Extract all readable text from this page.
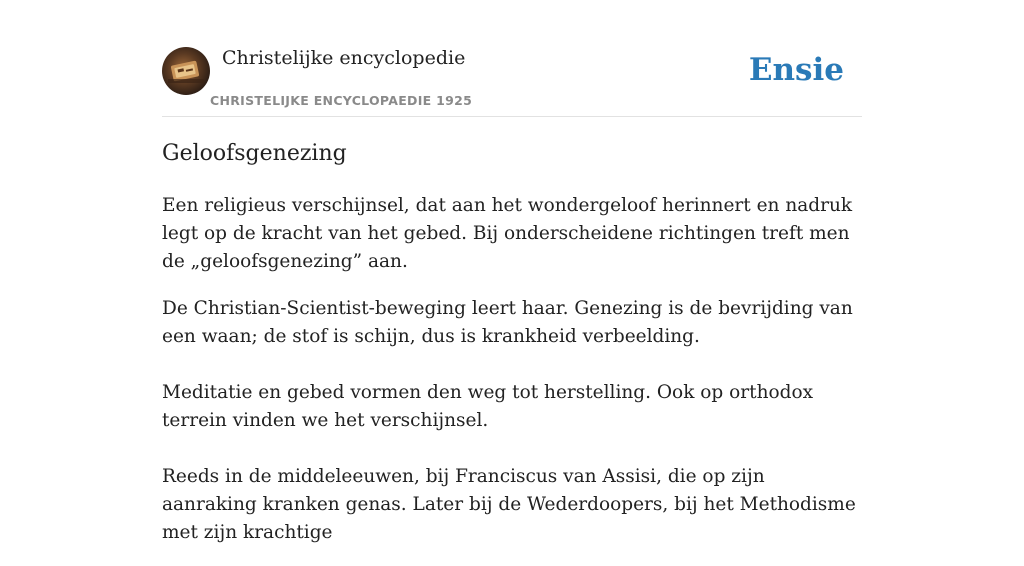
Christelijke encyclopedie
CHRISTELIJKE ENCYCLOPAEDIE 1925
Ensie
Geloofsgenezing

Een religieus verschijnsel, dat aan het wondergeloof herinnert en nadruk legt op de kracht van het gebed. Bij onderscheidene richtingen treft men de „geloofsgenezing” aan.

De Christian-Scientist-beweging leert haar. Genezing is de bevrijding van een waan; de stof is schijn, dus is krankheid verbeelding.

Meditatie en gebed vormen den weg tot herstelling. Ook op orthodox terrein vinden we het verschijnsel.

Reeds in de middeleeuwen, bij Franciscus van Assisi, die op zijn aanraking kranken genas. Later bij de Wederdoopers, bij het Methodisme met zijn krachtige
